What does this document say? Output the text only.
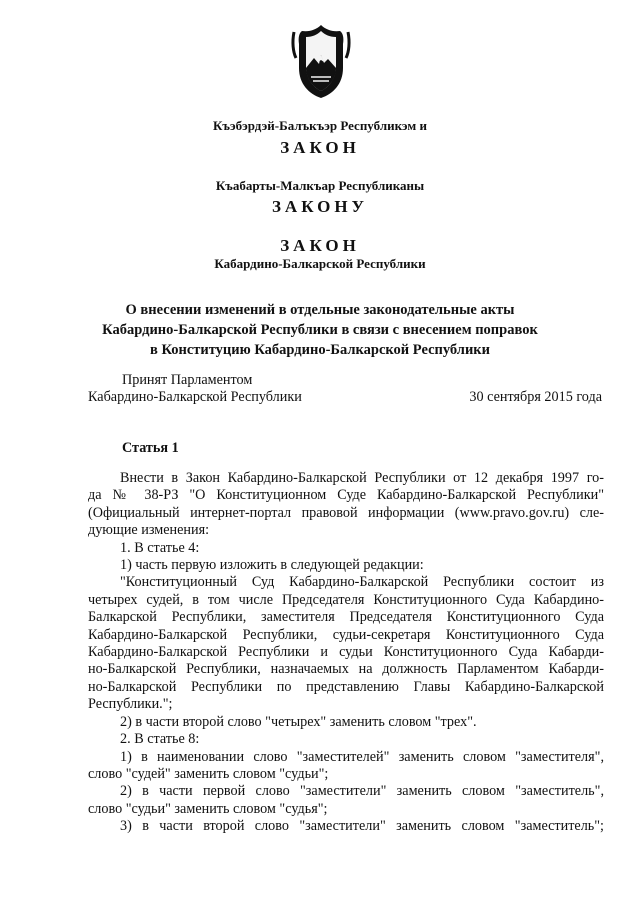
Къэбэрдэй-Балъкъэр Республикэм и
ЗАКОН
Къабарты-Малкъар Республиканы
ЗАКОНУ
ЗАКОН
Кабардино-Балкарской Республики
О внесении изменений в отдельные законодательные акты
Кабардино-Балкарской Республики в связи с внесением поправок
в Конституцию Кабардино-Балкарской Республики
Принят Парламентом
Кабардино-Балкарской Республики	30 сентября 2015 года
Статья 1
Внести в Закон Кабардино-Балкарской Республики от 12 декабря 1997 го-
да № 38-РЗ "О Конституционном Суде Кабардино-Балкарской Республики"
(Официальный интернет-портал правовой информации (www.pravo.gov.ru) сле-
дующие изменения:
1. В статье 4:
1) часть первую изложить в следующей редакции:
"Конституционный Суд Кабардино-Балкарской Республики состоит из
четырех судей, в том числе Председателя Конституционного Суда Кабардино-
Балкарской Республики, заместителя Председателя Конституционного Суда
Кабардино-Балкарской Республики, судьи-секретаря Конституционного Суда
Кабардино-Балкарской Республики и судьи Конституционного Суда Кабарди-
но-Балкарской Республики, назначаемых на должность Парламентом Кабарди-
но-Балкарской Республики по представлению Главы Кабардино-Балкарской
Республики.";
2) в части второй слово "четырех" заменить словом "трех".
2. В статье 8:
1) в наименовании слово "заместителей" заменить словом "заместителя",
слово "судей" заменить словом "судьи";
2) в части первой слово "заместители" заменить словом "заместитель",
слово "судьи" заменить словом "судья";
3) в части второй слово "заместители" заменить словом "заместитель";
